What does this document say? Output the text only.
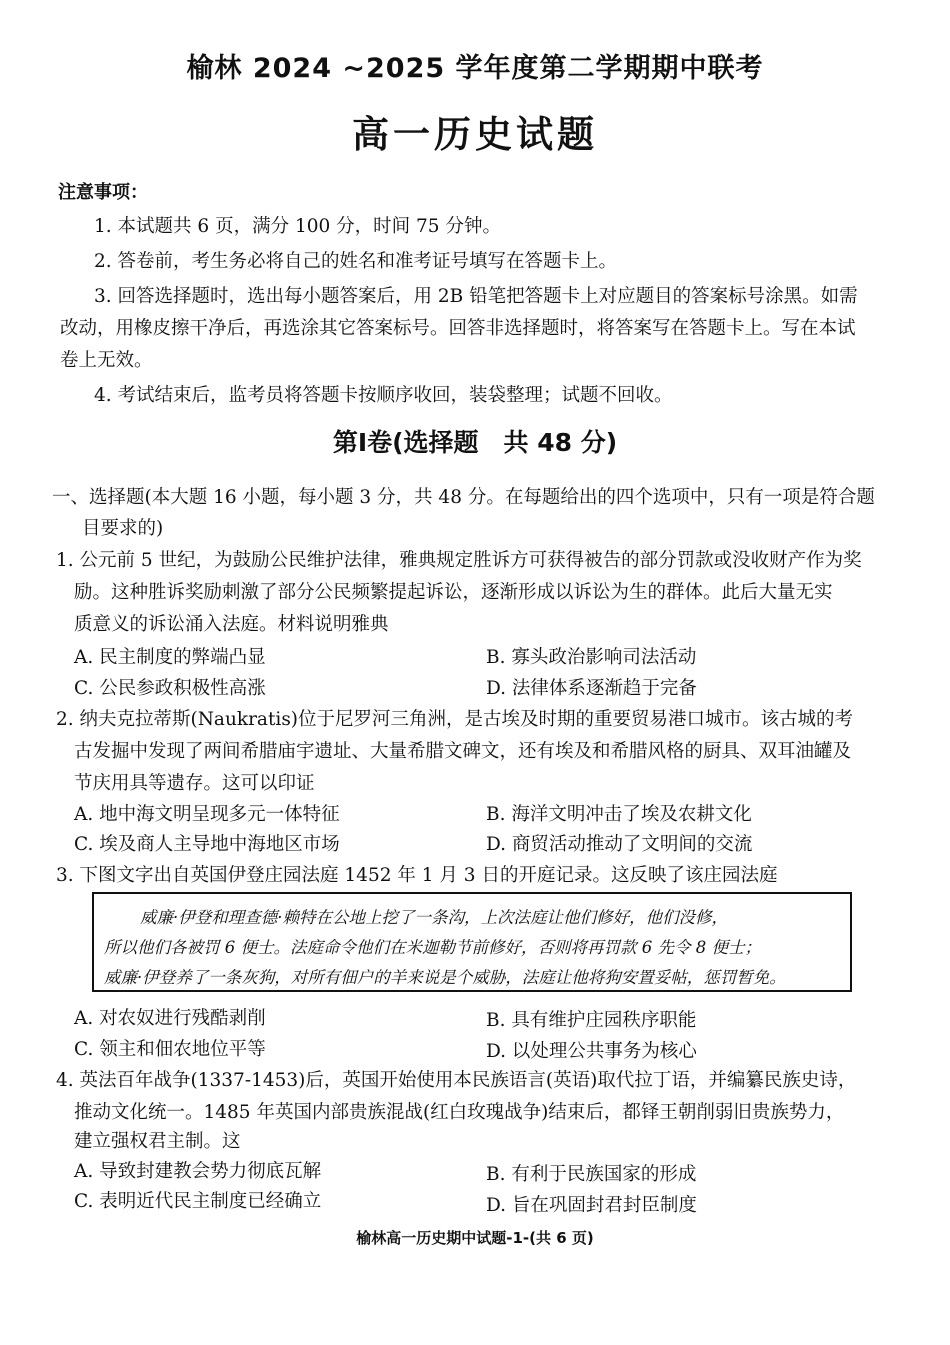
榆林 2024 ~2025 学年度第二学期期中联考
高一历史试题
注意事项：
1. 本试题共 6 页，满分 100 分，时间 75 分钟。
2. 答卷前，考生务必将自己的姓名和准考证号填写在答题卡上。
3. 回答选择题时，选出每小题答案后，用 2B 铅笔把答题卡上对应题目的答案标号涂黑。如需
改动，用橡皮擦干净后，再选涂其它答案标号。回答非选择题时，将答案写在答题卡上。写在本试
卷上无效。
4. 考试结束后，监考员将答题卡按顺序收回，装袋整理；试题不回收。
第Ⅰ卷(选择题　共 48 分)
一、选择题(本大题 16 小题，每小题 3 分，共 48 分。在每题给出的四个选项中，只有一项是符合题
目要求的)
1. 公元前 5 世纪，为鼓励公民维护法律，雅典规定胜诉方可获得被告的部分罚款或没收财产作为奖
励。这种胜诉奖励刺激了部分公民频繁提起诉讼，逐渐形成以诉讼为生的群体。此后大量无实
质意义的诉讼涌入法庭。材料说明雅典
A. 民主制度的弊端凸显	B. 寡头政治影响司法活动
C. 公民参政积极性高涨	D. 法律体系逐渐趋于完备
2. 纳夫克拉蒂斯(Naukratis)位于尼罗河三角洲，是古埃及时期的重要贸易港口城市。该古城的考
古发掘中发现了两间希腊庙宇遗址、大量希腊文碑文，还有埃及和希腊风格的厨具、双耳油罐及
节庆用具等遗存。这可以印证
A. 地中海文明呈现多元一体特征	B. 海洋文明冲击了埃及农耕文化
C. 埃及商人主导地中海地区市场	D. 商贸活动推动了文明间的交流
3. 下图文字出自英国伊登庄园法庭 1452 年 1 月 3 日的开庭记录。这反映了该庄园法庭
威廉·伊登和理查德·赖特在公地上挖了一条沟，上次法庭让他们修好，他们没修，
所以他们各被罚 6 便士。法庭命令他们在米迦勒节前修好，否则将再罚款 6 先令 8 便士；
威廉·伊登养了一条灰狗，对所有佃户的羊来说是个威胁，法庭让他将狗安置妥帖，惩罚暂免。
A. 对农奴进行残酷剥削	B. 具有维护庄园秩序职能
C. 领主和佃农地位平等	D. 以处理公共事务为核心
4. 英法百年战争(1337-1453)后，英国开始使用本民族语言(英语)取代拉丁语，并编纂民族史诗，
推动文化统一。1485 年英国内部贵族混战(红白玫瑰战争)结束后，都铎王朝削弱旧贵族势力，
建立强权君主制。这
A. 导致封建教会势力彻底瓦解	B. 有利于民族国家的形成
C. 表明近代民主制度已经确立	D. 旨在巩固封君封臣制度
榆林高一历史期中试题-1-(共 6 页)
